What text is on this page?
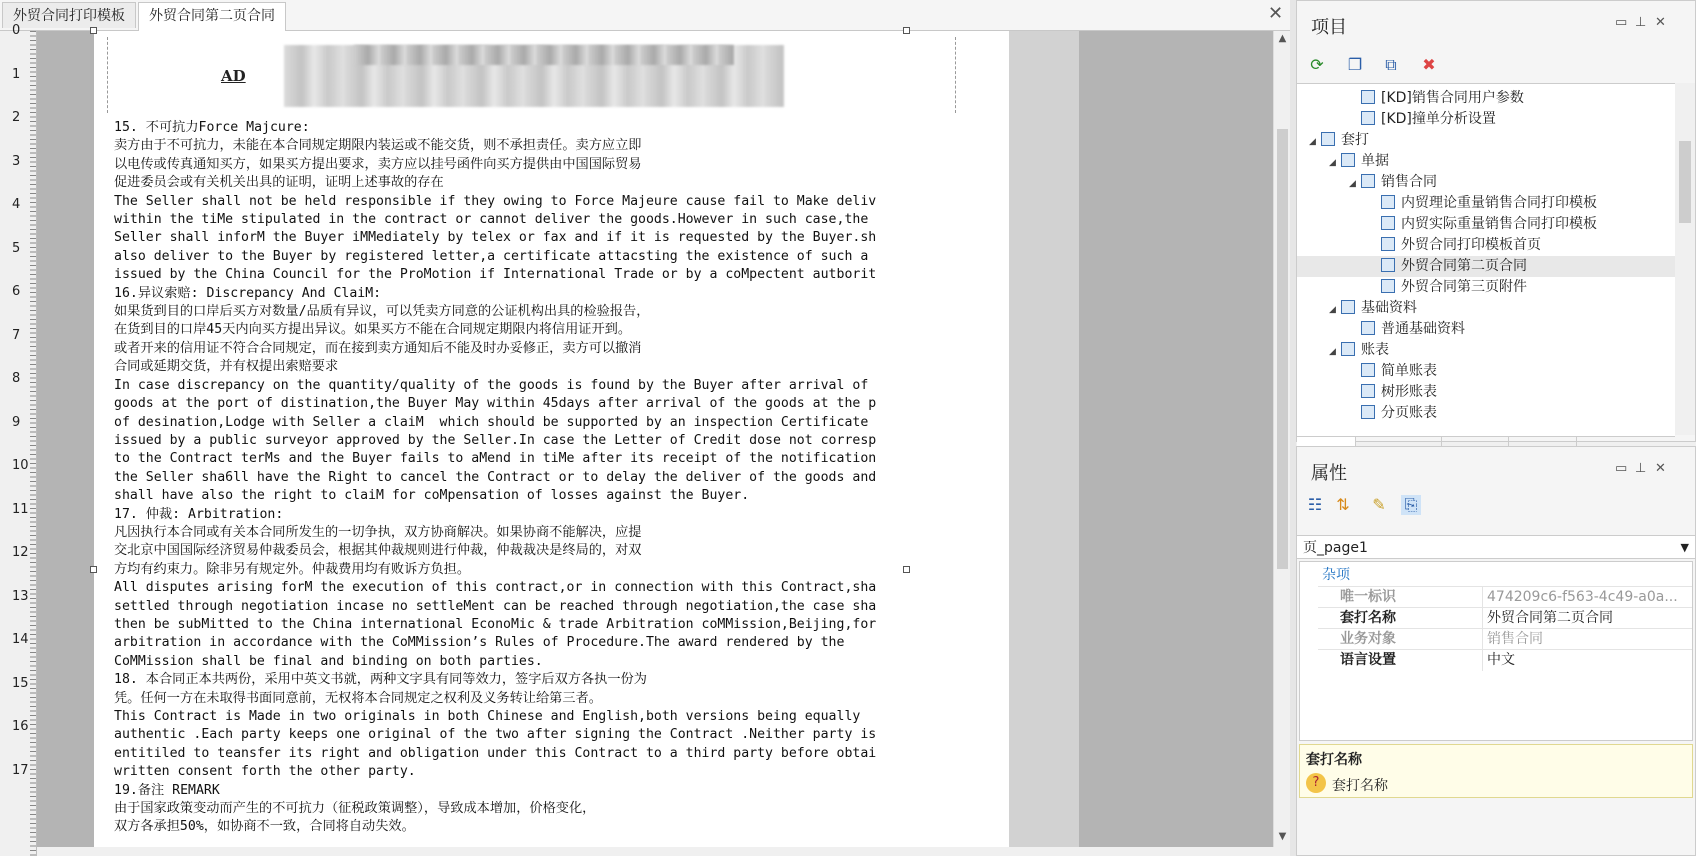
外贸合同打印模板	外贸合同第二页合同	✕
0
1
2
3
4
5
6
7
8
9
10
11
12
13
14
15
16
17
AD
15. 不可抗力Force Majcure:
卖方由于不可抗力，未能在本合同规定期限内装运或不能交货，则不承担责任。卖方应立即
以电传或传真通知买方，如果买方提出要求，卖方应以挂号函件向买方提供由中国国际贸易
促进委员会或有关机关出具的证明，证明上述事故的存在
The Seller shall not be held responsible if they owing to Force Majeure cause fail to Make deliv
within the tiMe stipulated in the contract or cannot deliver the goods.However in such case,the
Seller shall inforM the Buyer iMMediately by telex or fax and if it is requested by the Buyer.sh
also deliver to the Buyer by registered letter,a certificate attacsting the existence of such a
issued by the China Council for the ProMotion if International Trade or by a coMpectent autborit
16.异议索赔: Discrepancy And ClaiM:
如果货到目的口岸后买方对数量/品质有异议，可以凭卖方同意的公证机构出具的检验报告，
在货到目的口岸45天内向买方提出异议。如果买方不能在合同规定期限内将信用证开到。
或者开来的信用证不符合合同规定，而在接到卖方通知后不能及时办妥修正，卖方可以撤消
合同或延期交货，并有权提出索赔要求
In case discrepancy on the quantity/quality of the goods is found by the Buyer after arrival of
goods at the port of distination,the Buyer May within 45days after arrival of the goods at the p
of desination,Lodge with Seller a claiM  which should be supported by an inspection Certificate
issued by a public surveyor approved by the Seller.In case the Letter of Credit dose not corresp
to the Contract terMs and the Buyer fails to aMend in tiMe after its receipt of the notification
the Seller sha6ll have the Right to cancel the Contract or to delay the deliver of the goods and
shall have also the right to claiM for coMpensation of losses against the Buyer.
17. 仲裁: Arbitration:
凡因执行本合同或有关本合同所发生的一切争执，双方协商解决。如果协商不能解决，应提
交北京中国国际经济贸易仲裁委员会，根据其仲裁规则进行仲裁，仲裁裁决是终局的，对双
方均有约束力。除非另有规定外。仲裁费用均有败诉方负担。
All disputes arising forM the execution of this contract,or in connection with this Contract,sha
settled through negotiation incase no settleMent can be reached through negotiation,the case sha
then be subMitted to the China international EconoMic & trade Arbitration coMMission,Beijing,for
arbitration in accordance with the CoMMission’s Rules of Procedure.The award rendered by the
CoMMission shall be final and binding on both parties.
18. 本合同正本共两份，采用中英文书就，两种文字具有同等效力，签字后双方各执一份为
凭。任何一方在未取得书面同意前，无权将本合同规定之权利及义务转让给第三者。
This Contract is Made in two originals in both Chinese and English,both versions being equally
authentic .Each party keeps one original of the two after signing the Contract .Neither party is
entitiled to teansfer its right and obligation under this Contract to a third party before obtai
written consent forth the other party.
19.备注 REMARK
由于国家政策变动而产生的不可抗力（征税政策调整），导致成本增加，价格变化，
双方各承担50%，如协商不一致，合同将自动失效。
▲
▼
项目	▭ ⊥ ✕
⟳ ❐ ⧉ ✖
[KD]销售合同用户参数
[KD]撞单分析设置
◢ 套打
◢ 单据
◢ 销售合同
内贸理论重量销售合同打印模板
内贸实际重量销售合同打印模板
外贸合同打印模板首页
外贸合同第二页合同
外贸合同第三页附件
◢ 基础资料
普通基础资料
◢ 账表
简单账表
树形账表
分页账表
属性	▭ ⊥ ✕
☷ ⇅ ✎ ⎘
页_page1	▼
杂项
唯一标识	474209c6-f563-4c49-a0a...
套打名称	外贸合同第二页合同
业务对象	销售合同
语言设置	中文
套打名称
? 套打名称
